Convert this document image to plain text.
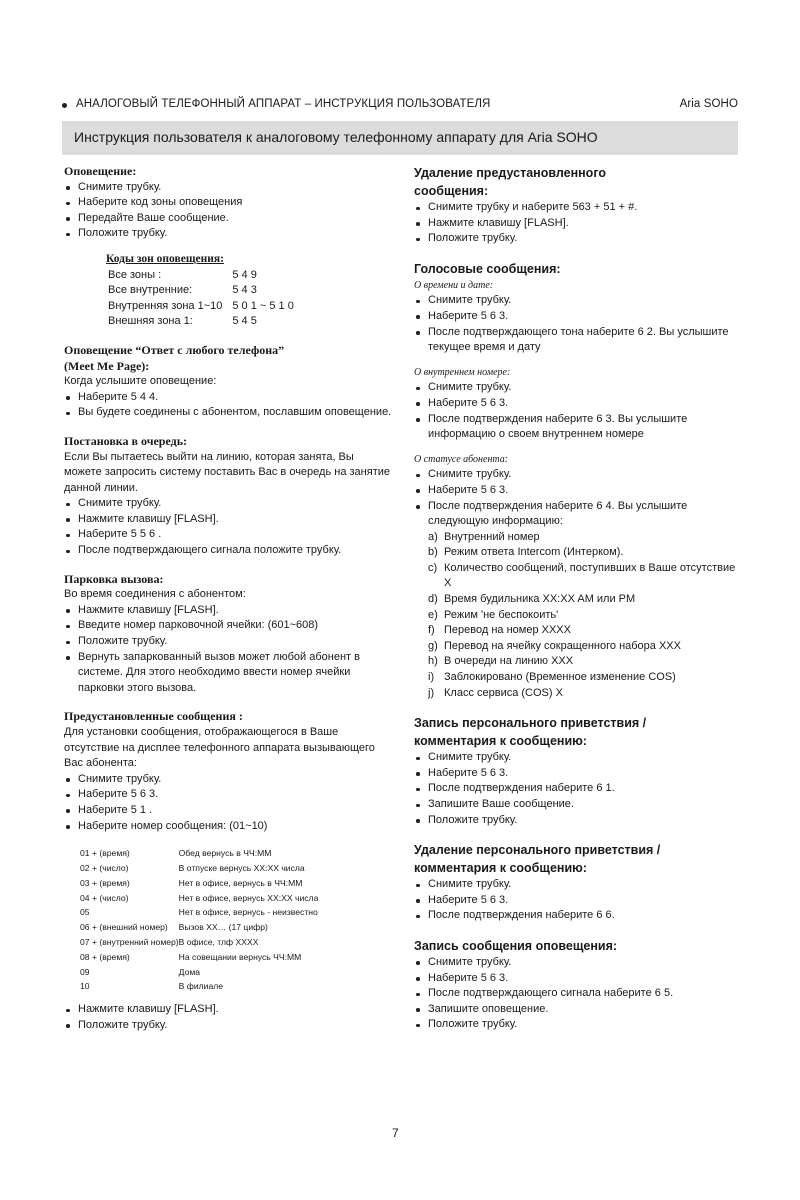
АНАЛОГОВЫЙ ТЕЛЕФОННЫЙ АППАРАТ – ИНСТРУКЦИЯ ПОЛЬЗОВАТЕЛЯ	Aria SOHO
Инструкция пользователя к аналоговому телефонному аппарату для Aria SOHO

Оповещение:

Снимите трубку.
Наберите код зоны оповещения
Передайте Ваше сообщение.
Положите трубку.
Коды зон оповещения:
Все зоны :	5 4 9
Все внутренние:	5 4 3
Внутренняя зона 1~10	5 0 1 ~ 5 1 0
Внешняя зона 1:	5 4 5

Оповещение “Ответ с любого телефона”

(Meet Me Page):

Когда услышите оповещение:

Наберите 5 4 4.
Вы будете соединены с абонентом, пославшим оповещение.

Постановка в очередь:

Если Вы пытаетесь выйти на линию, которая занята, Вы можете запросить систему поставить Вас в очередь на занятие данной линии.

Снимите трубку.
Нажмите клавишу [FLASH].
Наберите 5 5 6 .
После подтверждающего сигнала положите трубку.

Парковка вызова:

Во время соединения с абонентом:

Нажмите клавишу [FLASH].
Введите номер парковочной ячейки: (601~608)
Положите трубку.
Вернуть запаркованный вызов может любой абонент в системе. Для этого необходимо ввести номер ячейки парковки этого вызова.

Предустановленные сообщения :

Для установки сообщения, отображающегося в Ваше отсутствие на дисплее телефонного аппарата вызывающего Вас абонента:

Снимите трубку.
Наберите 5 6 3.
Наберите 5 1 .
Наберите номер сообщения: (01~10)
01 + (время)	Обед вернусь в ЧЧ:ММ
02 + (число)	В отпуске вернусь XX:XX числа
03 + (время)	Нет в офисе, вернусь в ЧЧ:ММ
04 + (число)	Нет в офисе, вернусь XX:XX числа
05	Нет в офисе, вернусь - неизвестно
06 + (внешний номер)	Вызов XX… (17 цифр)
07 + (внутренний номер)	В офисе, тлф XXXX
08 + (время)	На совещании вернусь ЧЧ:ММ
09	Дома
10	В филиале
Нажмите клавишу [FLASH].
Положите трубку.

Удаление предустановленного

сообщения:

Снимите трубку и наберите 563 + 51 + #.
Нажмите клавишу [FLASH].
Положите трубку.

Голосовые сообщения:

О времени и дате:

Снимите трубку.
Наберите 5 6 3.
После подтверждающего тона наберите 6 2. Вы услышите текущее время и дату

О внутреннем номере:

Снимите трубку.
Наберите 5 6 3.
После подтверждения наберите 6 3. Вы услышите информацию о своем внутреннем номере

О статусе абонента:

Снимите трубку.
Наберите 5 6 3.
После подтверждения наберите 6 4. Вы услышите следующую информацию:
a) Внутренний номер
b) Режим ответа Intercom (Интерком).
c) Количество сообщений, поступивших в Ваше отсутствие X
d) Время будильника XX:XX AM или PM
e) Режим 'не беспокоить'
f) Перевод на номер XXXX
g) Перевод на ячейку сокращенного набора XXX
h) В очереди на линию XXX
i) Заблокировано (Временное изменение COS)
j) Класс сервиса (COS) X

Запись персонального приветствия /

комментария к сообщению:

Снимите трубку.
Наберите 5 6 3.
После подтверждения наберите 6 1.
Запишите Ваше сообщение.
Положите трубку.

Удаление персонального приветствия /

комментария к сообщению:

Снимите трубку.
Наберите 5 6 3.
После подтверждения наберите 6 6.

Запись сообщения оповещения:

Снимите трубку.
Наберите 5 6 3.
После подтверждающего сигнала наберите 6 5.
Запишите оповещение.
Положите трубку.
7
